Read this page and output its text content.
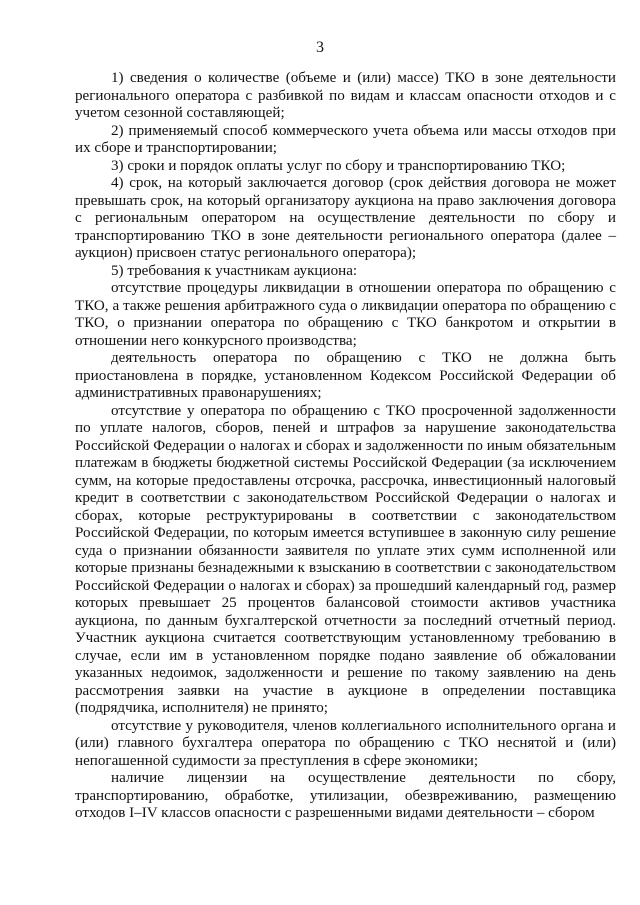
3

1) сведения о количестве (объеме и (или) массе) ТКО в зоне деятельности регионального оператора с разбивкой по видам и классам опасности отходов и с учетом сезонной составляющей;

2) применяемый способ коммерческого учета объема или массы отходов при их сборе и транспортировании;

3) сроки и порядок оплаты услуг по сбору и транспортированию ТКО;

4) срок, на который заключается договор (срок действия договора не может превышать срок, на который организатору аукциона на право заключения договора с региональным оператором на осуществление деятельности по сбору и транспортированию ТКО в зоне деятельности регионального оператора (далее – аукцион) присвоен статус регионального оператора);

5) требования к участникам аукциона:

отсутствие процедуры ликвидации в отношении оператора по обращению с ТКО, а также решения арбитражного суда о ликвидации оператора по обращению с ТКО, о признании оператора по обращению с ТКО банкротом и открытии в отношении него конкурсного производства;

деятельность оператора по обращению с ТКО не должна быть приостановлена в порядке, установленном Кодексом Российской Федерации об административных правонарушениях;

отсутствие у оператора по обращению с ТКО просроченной задолженности по уплате налогов, сборов, пеней и штрафов за нарушение законодательства Российской Федерации о налогах и сборах и задолженности по иным обязательным платежам в бюджеты бюджетной системы Российской Федерации (за исключением сумм, на которые предоставлены отсрочка, рассрочка, инвестиционный налоговый кредит в соответствии с законодательством Российской Федерации о налогах и сборах, которые реструктурированы в соответствии с законодательством Российской Федерации, по которым имеется вступившее в законную силу решение суда о признании обязанности заявителя по уплате этих сумм исполненной или которые признаны безнадежными к взысканию в соответствии с законодательством Российской Федерации о налогах и сборах) за прошедший календарный год, размер которых превышает 25 процентов балансовой стоимости активов участника аукциона, по данным бухгалтерской отчетности за последний отчетный период. Участник аукциона считается соответствующим установленному требованию в случае, если им в установленном порядке подано заявление об обжаловании указанных недоимок, задолженности и решение по такому заявлению на день рассмотрения заявки на участие в аукционе в определении поставщика (подрядчика, исполнителя) не принято;

отсутствие у руководителя, членов коллегиального исполнительного органа и (или) главного бухгалтера оператора по обращению с ТКО неснятой и (или) непогашенной судимости за преступления в сфере экономики;

наличие лицензии на осуществление деятельности по сбору, транспортированию, обработке, утилизации, обезвреживанию, размещению отходов I–IV классов опасности с разрешенными видами деятельности – сбором
